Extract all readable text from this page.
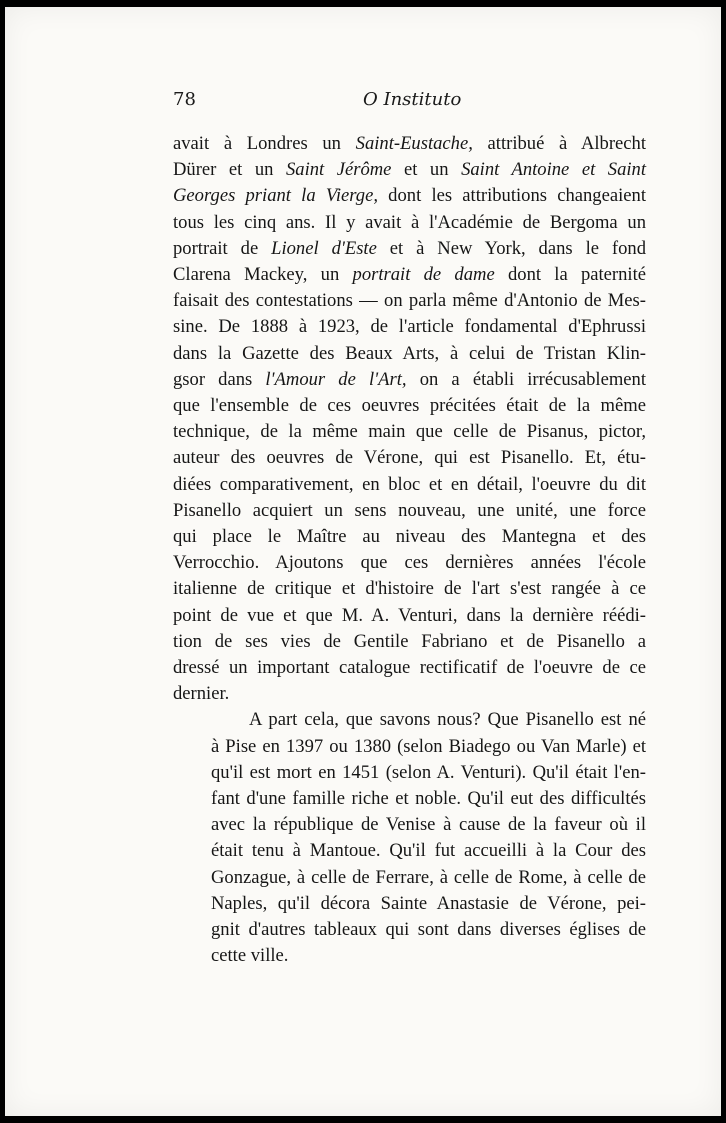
78	O Instituto
avait à Londres un Saint-Eustache, attribué à Albrecht
Dürer et un Saint Jérôme et un Saint Antoine et Saint
Georges priant la Vierge, dont les attributions changeaient
tous les cinq ans. Il y avait à l'Académie de Bergoma un
portrait de Lionel d'Este et à New York, dans le fond
Clarena Mackey, un portrait de dame dont la paternité
faisait des contestations — on parla même d'Antonio de Mes-
sine. De 1888 à 1923, de l'article fondamental d'Ephrussi
dans la Gazette des Beaux Arts, à celui de Tristan Klin-
gsor dans l'Amour de l'Art, on a établi irrécusablement
que l'ensemble de ces oeuvres précitées était de la même
technique, de la même main que celle de Pisanus, pictor,
auteur des oeuvres de Vérone, qui est Pisanello. Et, étu-
diées comparativement, en bloc et en détail, l'oeuvre du dit
Pisanello acquiert un sens nouveau, une unité, une force
qui place le Maître au niveau des Mantegna et des
Verrocchio. Ajoutons que ces dernières années l'école
italienne de critique et d'histoire de l'art s'est rangée à ce
point de vue et que M. A. Venturi, dans la dernière réédi-
tion de ses vies de Gentile Fabriano et de Pisanello a
dressé un important catalogue rectificatif de l'oeuvre de ce
dernier.
A part cela, que savons nous? Que Pisanello est né
à Pise en 1397 ou 1380 (selon Biadego ou Van Marle) et
qu'il est mort en 1451 (selon A. Venturi). Qu'il était l'en-
fant d'une famille riche et noble. Qu'il eut des difficultés
avec la république de Venise à cause de la faveur où il
était tenu à Mantoue. Qu'il fut accueilli à la Cour des
Gonzague, à celle de Ferrare, à celle de Rome, à celle de
Naples, qu'il décora Sainte Anastasie de Vérone, pei-
gnit d'autres tableaux qui sont dans diverses églises de
cette ville.
